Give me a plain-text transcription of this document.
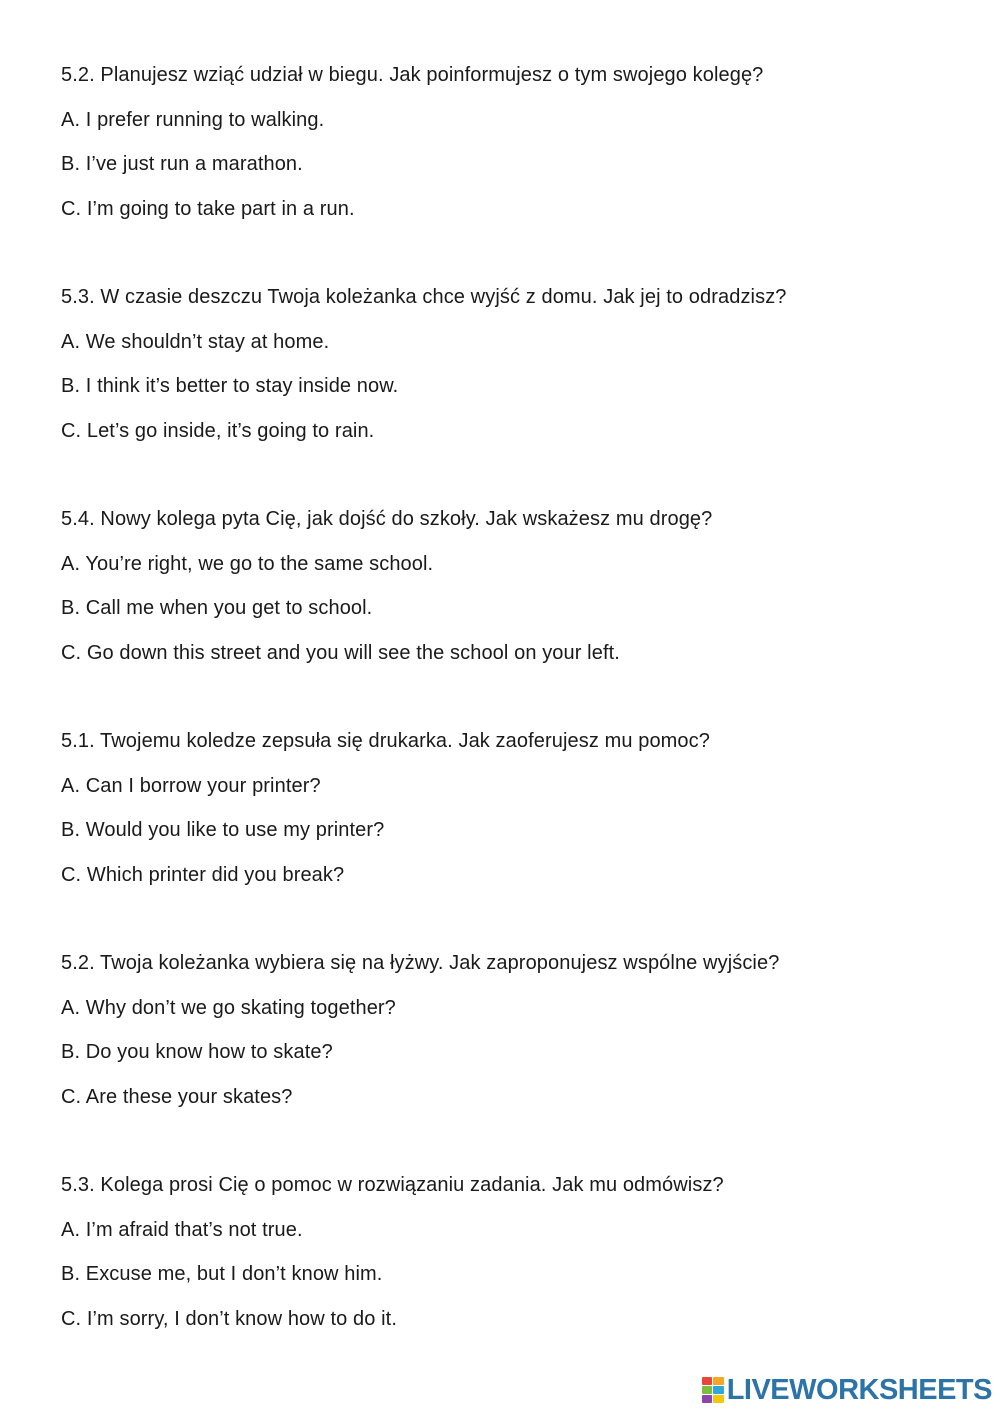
5.2. Planujesz wziąć udział w biegu. Jak poinformujesz o tym swojego kolegę?
A. I prefer running to walking.
B. I’ve just run a marathon.
C. I’m going to take part in a run.
5.3. W czasie deszczu Twoja koleżanka chce wyjść z domu. Jak jej to odradzisz?
A. We shouldn’t stay at home.
B. I think it’s better to stay inside now.
C. Let’s go inside, it’s going to rain.
5.4. Nowy kolega pyta Cię, jak dojść do szkoły. Jak wskażesz mu drogę?
A. You’re right, we go to the same school.
B. Call me when you get to school.
C. Go down this street and you will see the school on your left.
5.1. Twojemu koledze zepsuła się drukarka. Jak zaoferujesz mu pomoc?
A. Can I borrow your printer?
B. Would you like to use my printer?
C. Which printer did you break?
5.2. Twoja koleżanka wybiera się na łyżwy. Jak zaproponujesz wspólne wyjście?
A. Why don’t we go skating together?
B. Do you know how to skate?
C. Are these your skates?
5.3. Kolega prosi Cię o pomoc w rozwiązaniu zadania. Jak mu odmówisz?
A. I’m afraid that’s not true.
B. Excuse me, but I don’t know him.
C. I’m sorry, I don’t know how to do it.
LIVEWORKSHEETS
